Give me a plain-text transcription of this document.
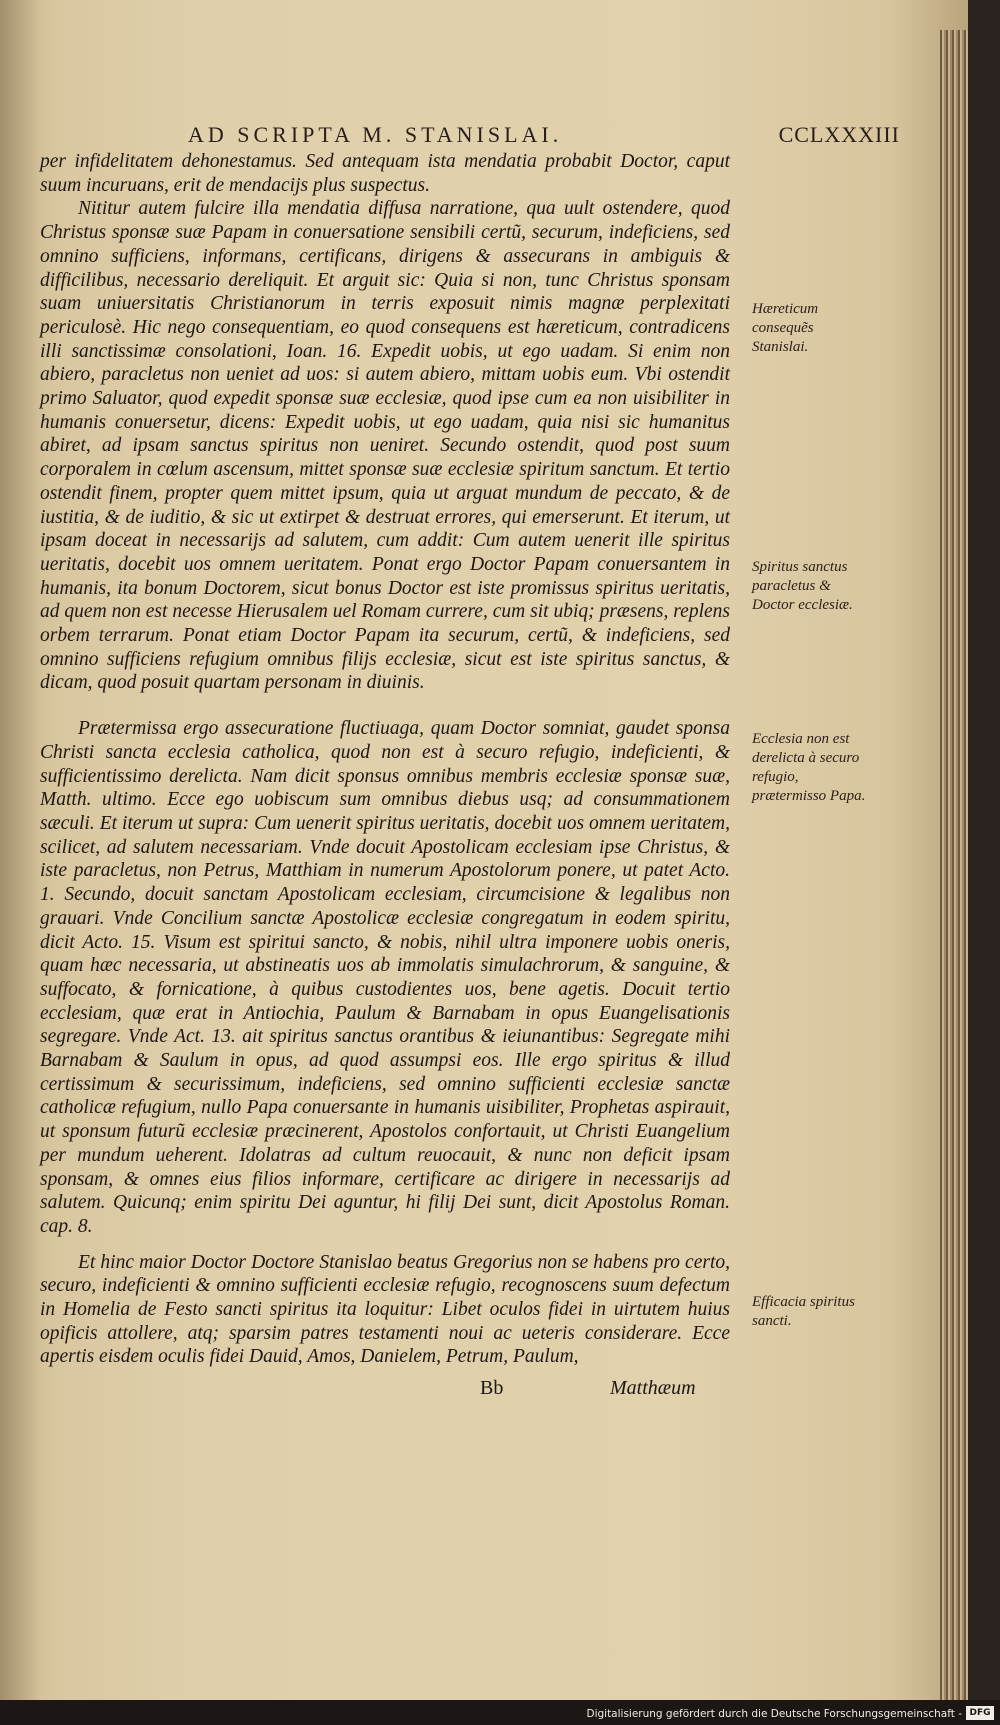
AD SCRIPTA M. STANISLAI.	CCLXXXIII

per infidelitatem dehonestamus. Sed antequam ista mendatia probabit Doctor, caput suum incuruans, erit de mendacijs plus suspectus.

Nititur autem fulcire illa mendatia diffusa narratione, qua uult ostendere, quod Christus sponsæ suæ Papam in conuersatione sensibili certũ, securum, indeficiens, sed omnino sufficiens, informans, certificans, dirigens & assecurans in ambiguis & difficilibus, necessario dereliquit. Et arguit sic: Quia si non, tunc Christus sponsam suam uniuersitatis Christianorum in terris exposuit nimis magnæ perplexitati periculosè. Hic nego consequentiam, eo quod consequens est hæreticum, contradicens illi sanctissimæ consolationi, Ioan. 16. Expedit uobis, ut ego uadam. Si enim non abiero, paracletus non ueniet ad uos: si autem abiero, mittam uobis eum. Vbi ostendit primo Saluator, quod expedit sponsæ suæ ecclesiæ, quod ipse cum ea non uisibiliter in humanis conuersetur, dicens: Expedit uobis, ut ego uadam, quia nisi sic humanitus abiret, ad ipsam sanctus spiritus non ueniret. Secundo ostendit, quod post suum corporalem in cœlum ascensum, mittet sponsæ suæ ecclesiæ spiritum sanctum. Et tertio ostendit finem, propter quem mittet ipsum, quia ut arguat mundum de peccato, & de iustitia, & de iuditio, & sic ut extirpet & destruat errores, qui emerserunt. Et iterum, ut ipsam doceat in necessarijs ad salutem, cum addit: Cum autem uenerit ille spiritus ueritatis, docebit uos omnem ueritatem. Ponat ergo Doctor Papam conuersantem in humanis, ita bonum Doctorem, sicut bonus Doctor est iste promissus spiritus ueritatis, ad quem non est necesse Hierusalem uel Romam currere, cum sit ubiq; præsens, replens orbem terrarum. Ponat etiam Doctor Papam ita securum, certũ, & indeficiens, sed omnino sufficiens refugium omnibus filijs ecclesiæ, sicut est iste spiritus sanctus, & dicam, quod posuit quartam personam in diuinis.

Prætermissa ergo assecuratione fluctiuaga, quam Doctor somniat, gaudet sponsa Christi sancta ecclesia catholica, quod non est à securo refugio, indeficienti, & sufficientissimo derelicta. Nam dicit sponsus omnibus membris ecclesiæ sponsæ suæ, Matth. ultimo. Ecce ego uobiscum sum omnibus diebus usq; ad consummationem sæculi. Et iterum ut supra: Cum uenerit spiritus ueritatis, docebit uos omnem ueritatem, scilicet, ad salutem necessariam. Vnde docuit Apostolicam ecclesiam ipse Christus, & iste paracletus, non Petrus, Matthiam in numerum Apostolorum ponere, ut patet Acto. 1. Secundo, docuit sanctam Apostolicam ecclesiam, circumcisione & legalibus non grauari. Vnde Concilium sanctæ Apostolicæ ecclesiæ congregatum in eodem spiritu, dicit Acto. 15. Visum est spiritui sancto, & nobis, nihil ultra imponere uobis oneris, quam hæc necessaria, ut abstineatis uos ab immolatis simulachrorum, & sanguine, & suffocato, & fornicatione, à quibus custodientes uos, bene agetis. Docuit tertio ecclesiam, quæ erat in Antiochia, Paulum & Barnabam in opus Euangelisationis segregare. Vnde Act. 13. ait spiritus sanctus orantibus & ieiunantibus: Segregate mihi Barnabam & Saulum in opus, ad quod assumpsi eos. Ille ergo spiritus & illud certissimum & securissimum, indeficiens, sed omnino sufficienti ecclesiæ sanctæ catholicæ refugium, nullo Papa conuersante in humanis uisibiliter, Prophetas aspirauit, ut sponsum futurũ ecclesiæ præcinerent, Apostolos confortauit, ut Christi Euangelium per mundum ueherent. Idolatras ad cultum reuocauit, & nunc non deficit ipsam sponsam, & omnes eius filios informare, certificare ac dirigere in necessarijs ad salutem. Quicunq; enim spiritu Dei aguntur, hi filij Dei sunt, dicit Apostolus Roman. cap. 8.

Et hinc maior Doctor Doctore Stanislao beatus Gregorius non se habens pro certo, securo, indeficienti & omnino sufficienti ecclesiæ refugio, recognoscens suum defectum in Homelia de Festo sancti spiritus ita loquitur: Libet oculos fidei in uirtutem huius opificis attollere, atq; sparsim patres testamenti noui ac ueteris considerare. Ecce apertis eisdem oculis fidei Dauid, Amos, Danielem, Petrum, Paulum,

Hæreticum consequẽs Stanislai.
Spiritus sanctus paracletus & Doctor ecclesiæ.
Ecclesia non est derelicta à securo refugio, prætermisso Papa.
Efficacia spiritus sancti.
Bb	Matthæum
Digitalisierung gefördert durch die Deutsche Forschungsgemeinschaft - DFG
